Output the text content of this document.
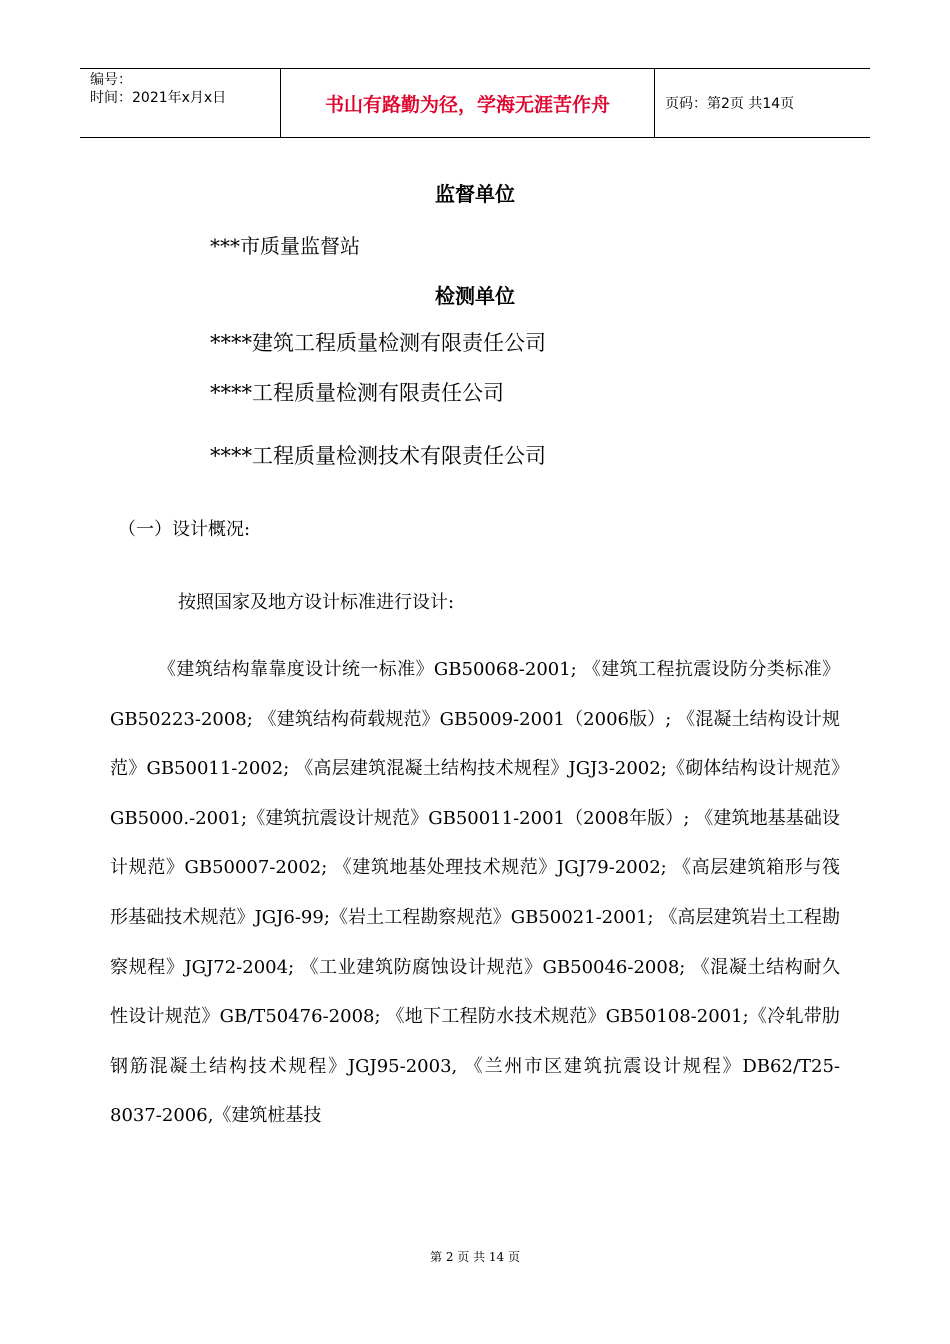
编号：
时间：2021年x月x日	书山有路勤为径，学海无涯苦作舟	页码：第2页 共14页
监督单位
***市质量监督站
检测单位
****建筑工程质量检测有限责任公司
****工程质量检测有限责任公司
****工程质量检测技术有限责任公司
（一）设计概况:
按照国家及地方设计标准进行设计:
《建筑结构靠靠度设计统一标准》GB50068-2001; 《建筑工程抗震设防分类标准》GB50223-2008; 《建筑结构荷载规范》GB5009-2001（2006版）; 《混凝土结构设计规范》GB50011-2002; 《高层建筑混凝土结构技术规程》JGJ3-2002;《砌体结构设计规范》GB5000.-2001;《建筑抗震设计规范》GB50011-2001（2008年版）; 《建筑地基基础设计规范》GB50007-2002; 《建筑地基处理技术规范》JGJ79-2002; 《高层建筑箱形与筏形基础技术规范》JGJ6-99;《岩土工程勘察规范》GB50021-2001; 《高层建筑岩土工程勘察规程》JGJ72-2004; 《工业建筑防腐蚀设计规范》GB50046-2008; 《混凝土结构耐久性设计规范》GB/T50476-2008; 《地下工程防水技术规范》GB50108-2001;《冷轧带肋钢筋混凝土结构技术规程》JGJ95-2003, 《兰州市区建筑抗震设计规程》DB62/T25-8037-2006,《建筑桩基技
第 2 页 共 14 页
